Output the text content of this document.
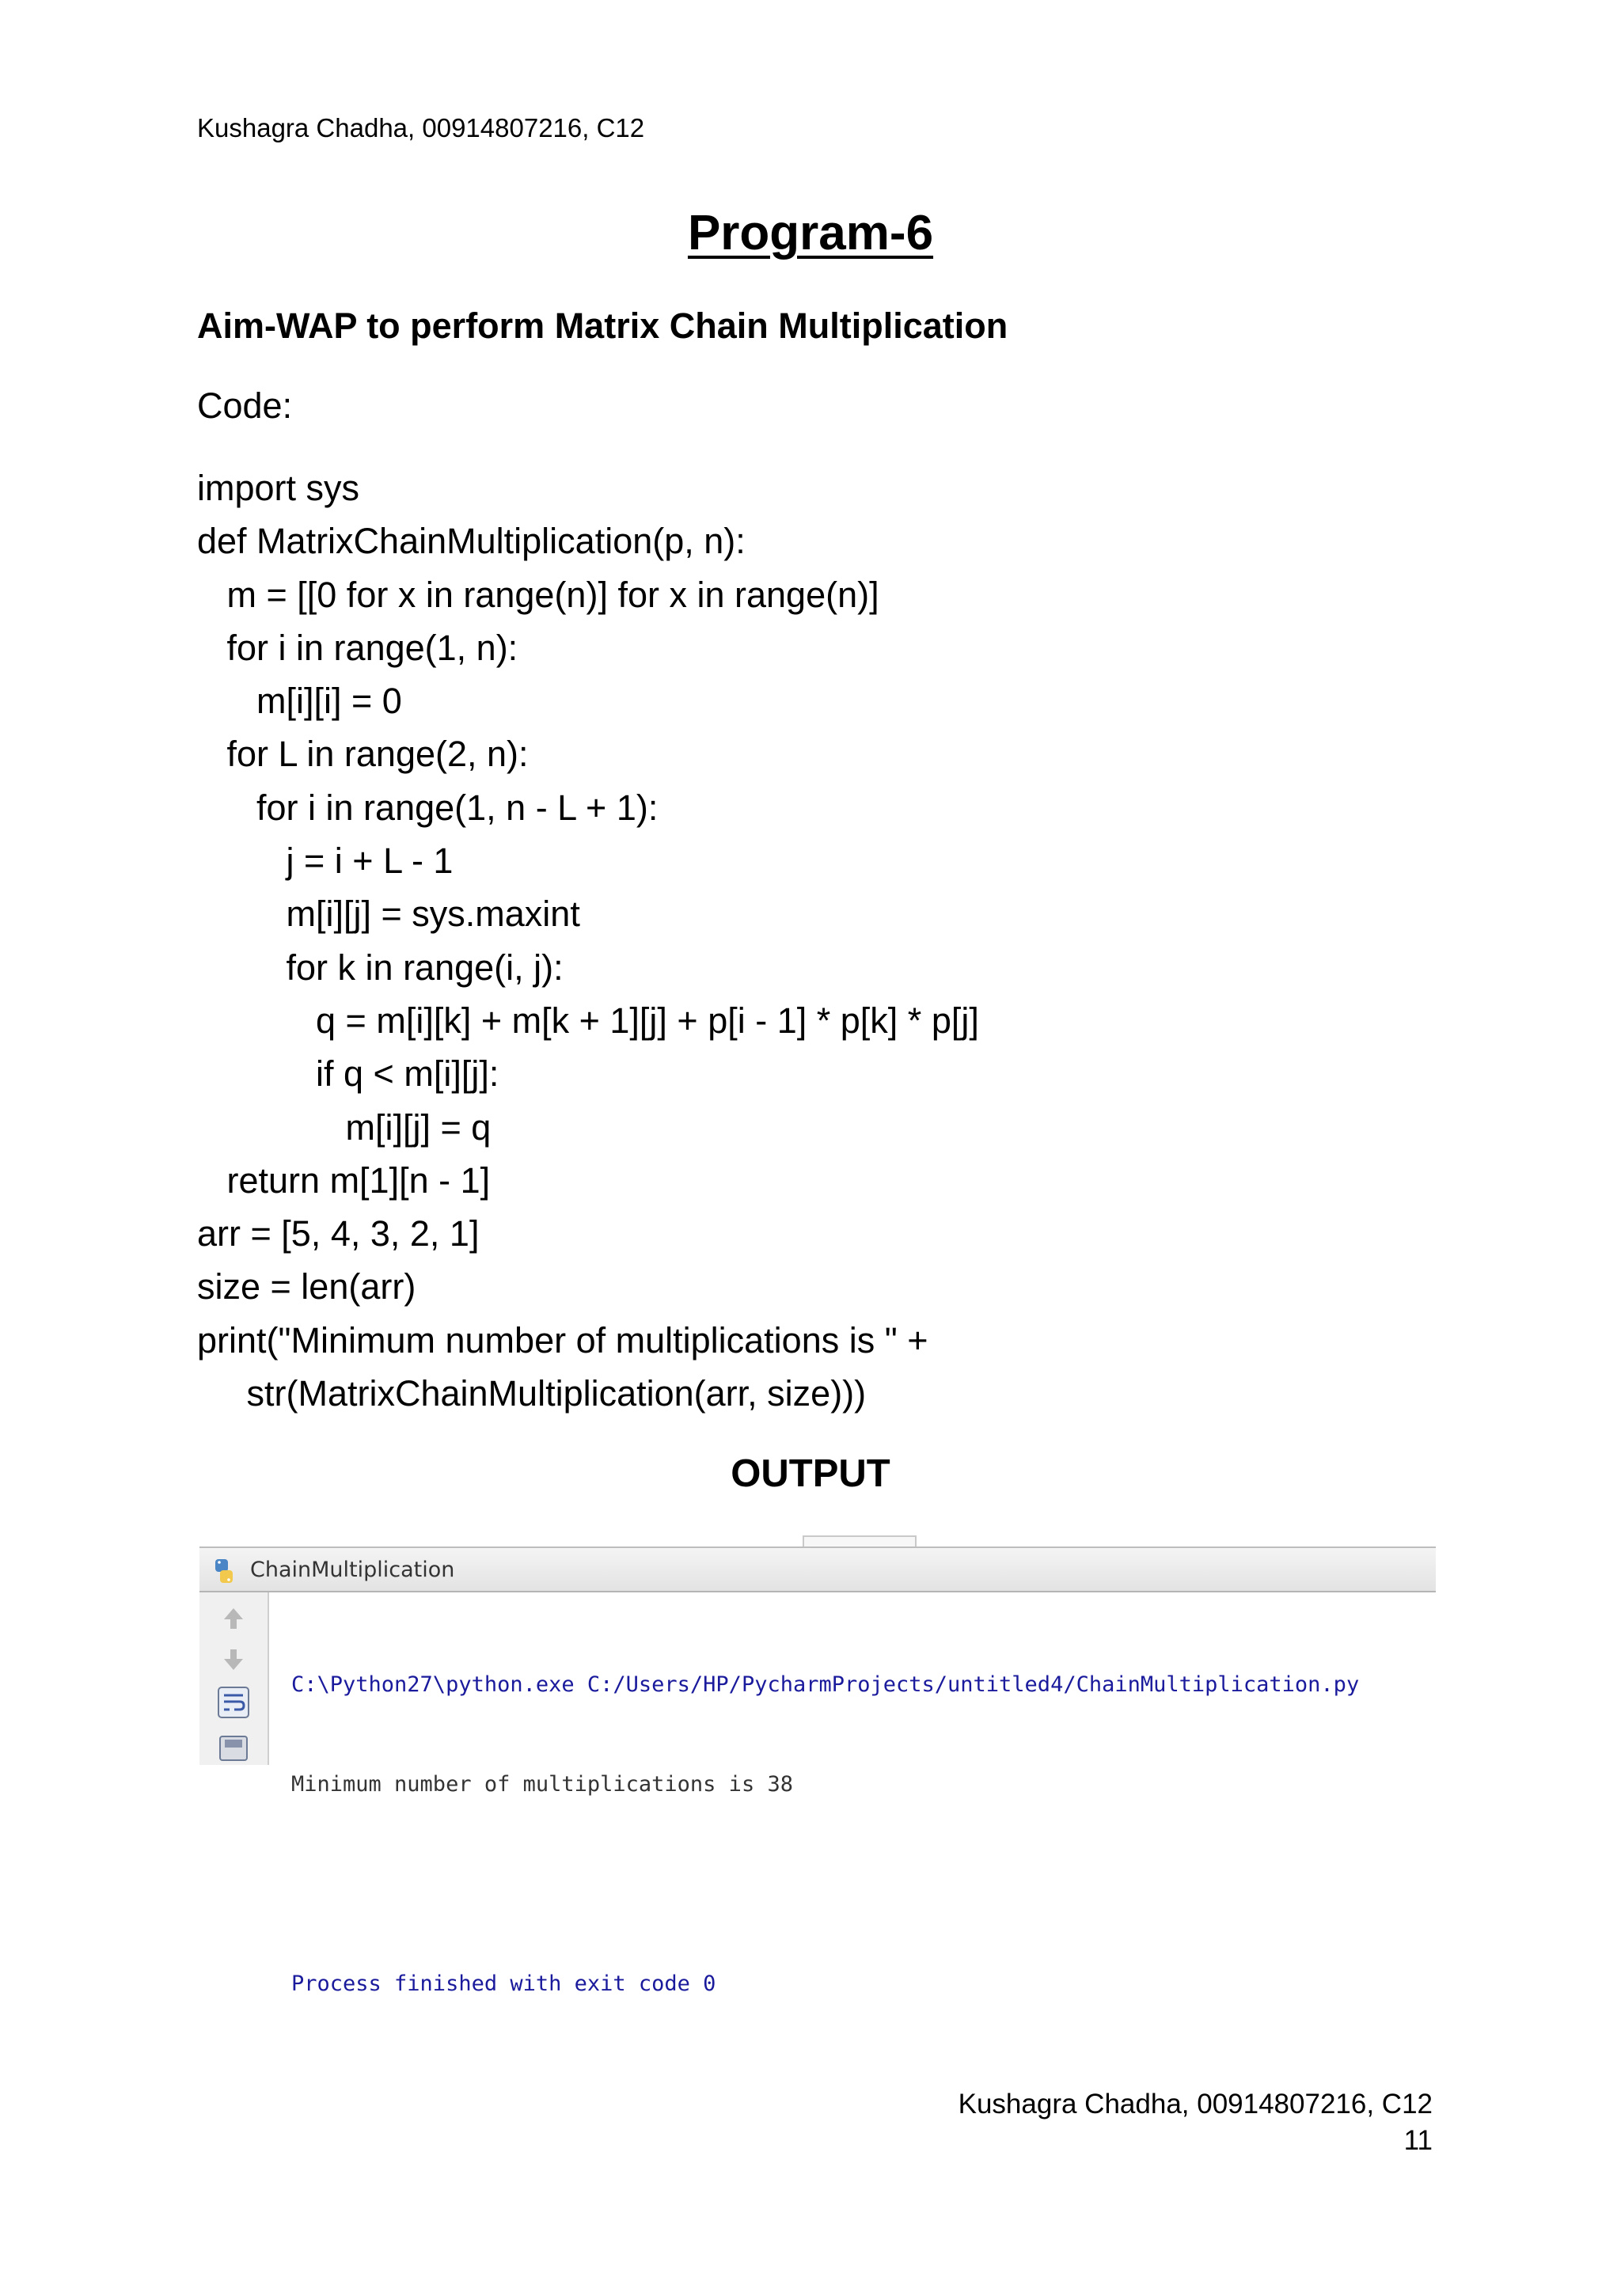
Kushagra Chadha, 00914807216, C12
Program-6
Aim-WAP to perform Matrix Chain Multiplication
Code:
import sys
def MatrixChainMultiplication(p, n):
m = [[0 for x in range(n)] for x in range(n)]
for i in range(1, n):
m[i][i] = 0
for L in range(2, n):
for i in range(1, n - L + 1):
j = i + L - 1
m[i][j] = sys.maxint
for k in range(i, j):
q = m[i][k] + m[k + 1][j] + p[i - 1] * p[k] * p[j]
if q < m[i][j]:
m[i][j] = q
return m[1][n - 1]
arr = [5, 4, 3, 2, 1]
size = len(arr)
print("Minimum number of multiplications is " +
str(MatrixChainMultiplication(arr, size)))
OUTPUT
ChainMultiplication

C:\Python27\python.exe C:/Users/HP/PycharmProjects/untitled4/ChainMultiplication.py

Minimum number of multiplications is 38

Process finished with exit code 0

Kushagra Chadha, 00914807216, C12
11
